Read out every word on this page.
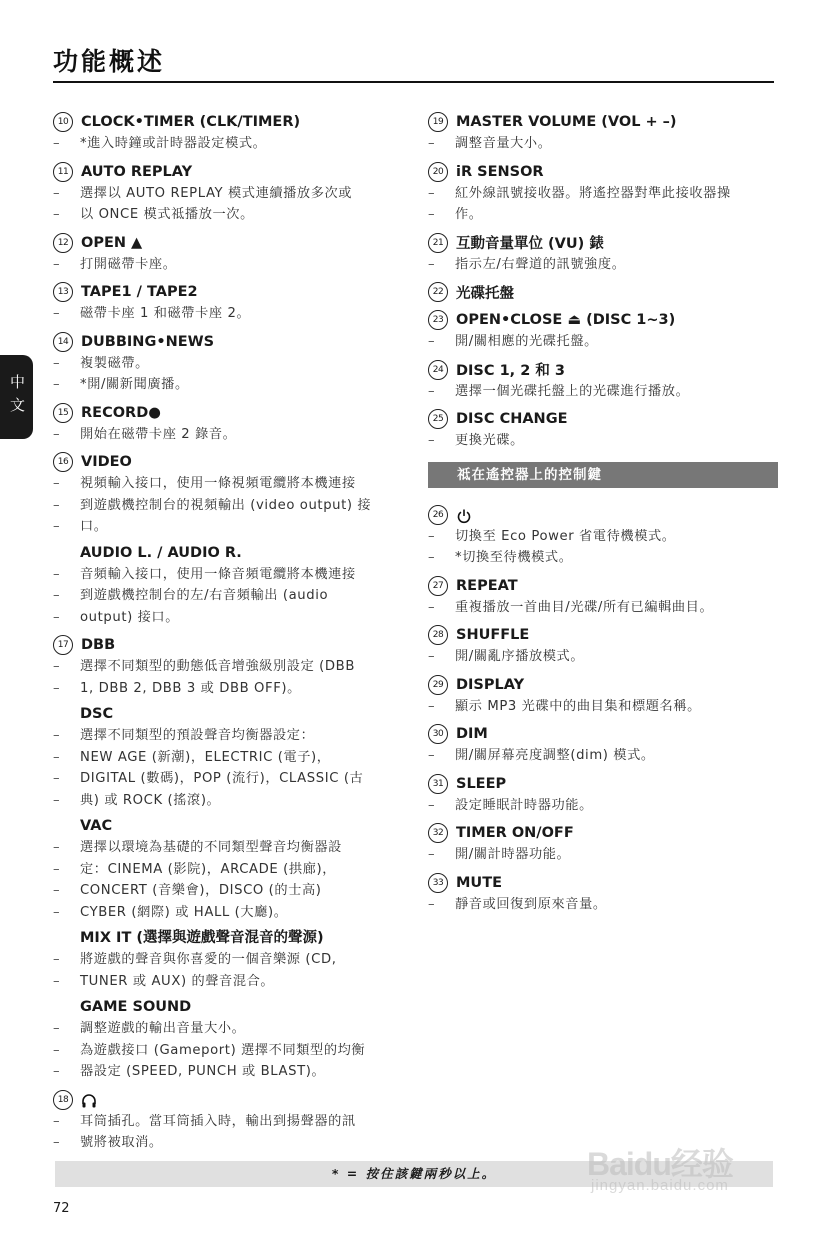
功能概述
中文
10 CLOCK•TIMER (CLK/TIMER)
–	*進入時鐘或計時器設定模式。
11 AUTO REPLAY
–	選擇以 AUTO REPLAY 模式連續播放多次或
–	以 ONCE 模式祗播放一次。
12 OPEN ▲
–	打開磁帶卡座。
13 TAPE1 / TAPE2
–	磁帶卡座 1 和磁帶卡座 2。
14 DUBBING•NEWS
–	複製磁帶。
–	*開/關新聞廣播。
15 RECORD●
–	開始在磁帶卡座 2 錄音。
16 VIDEO
–	視頻輸入接口，使用一條視頻電纜將本機連接
–	到遊戲機控制台的視頻輸出 (video output) 接
–	口。
AUDIO L. / AUDIO R.
–	音頻輸入接口，使用一條音頻電纜將本機連接
–	到遊戲機控制台的左/右音頻輸出 (audio
–	output) 接口。
17 DBB
–	選擇不同類型的動態低音增強級別設定 (DBB
–	1, DBB 2, DBB 3 或 DBB OFF)。
DSC
–	選擇不同類型的預設聲音均衡器設定：
–	NEW AGE (新潮)，ELECTRIC (電子)，
–	DIGITAL (數碼)，POP (流行)，CLASSIC (古
–	典) 或 ROCK (搖滾)。
VAC
–	選擇以環境為基礎的不同類型聲音均衡器設
–	定：CINEMA (影院)，ARCADE (拱廊)，
–	CONCERT (音樂會)，DISCO (的士高)
–	CYBER (網際) 或 HALL (大廳)。
MIX IT (選擇與遊戲聲音混音的聲源)
–	將遊戲的聲音與你喜愛的一個音樂源 (CD,
–	TUNER 或 AUX) 的聲音混合。
GAME SOUND
–	調整遊戲的輸出音量大小。
–	為遊戲接口 (Gameport) 選擇不同類型的均衡
–	器設定 (SPEED, PUNCH 或 BLAST)。
18
–	耳筒插孔。當耳筒插入時，輸出到揚聲器的訊
–	號將被取消。
19 MASTER VOLUME (VOL + –)
–	調整音量大小。
20 iR SENSOR
–	紅外線訊號接收器。將遙控器對準此接收器操
–	作。
21 互動音量單位 (VU) 錶
–	指示左/右聲道的訊號強度。
22 光碟托盤
23 OPEN•CLOSE ⏏ (DISC 1~3)
–	開/關相應的光碟托盤。
24 DISC 1, 2 和 3
–	選擇一個光碟托盤上的光碟進行播放。
25 DISC CHANGE
–	更換光碟。
祗在遙控器上的控制鍵
26
–	切換至 Eco Power 省電待機模式。
–	*切換至待機模式。
27 REPEAT
–	重複播放一首曲目/光碟/所有已編輯曲目。
28 SHUFFLE
–	開/關亂序播放模式。
29 DISPLAY
–	顯示 MP3 光碟中的曲目集和標題名稱。
30 DIM
–	開/關屏幕亮度調整(dim) 模式。
31 SLEEP
–	設定睡眠計時器功能。
32 TIMER ON/OFF
–	開/關計時器功能。
33 MUTE
–	靜音或回復到原來音量。
* = 按住該鍵兩秒以上。
72
Baidu经验
jingyan.baidu.com
